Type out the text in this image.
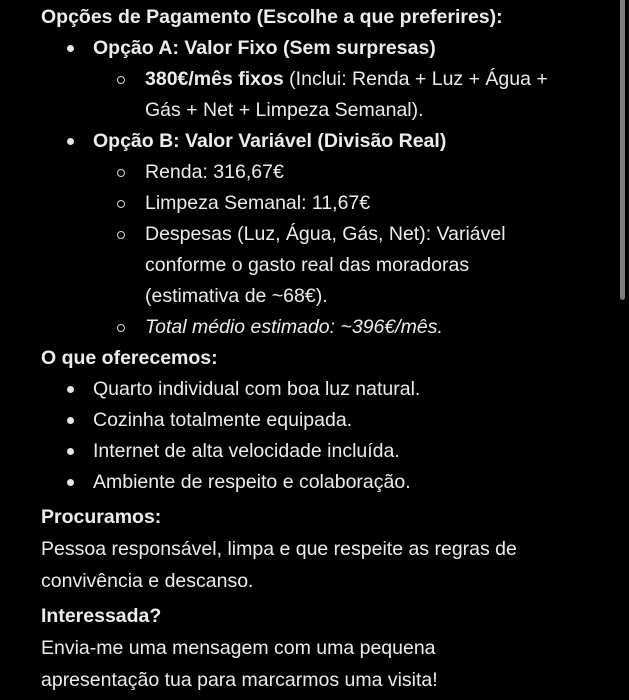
Opções de Pagamento (Escolhe a que preferires):
Opção A: Valor Fixo (Sem surpresas)
380€/mês fixos (Inclui: Renda + Luz + Água +
Gás + Net + Limpeza Semanal).
Opção B: Valor Variável (Divisão Real)
Renda: 316,67€
Limpeza Semanal: 11,67€
Despesas (Luz, Água, Gás, Net): Variável
conforme o gasto real das moradoras
(estimativa de ~68€).
Total médio estimado: ~396€/mês.
O que oferecemos:
Quarto individual com boa luz natural.
Cozinha totalmente equipada.
Internet de alta velocidade incluída.
Ambiente de respeito e colaboração.
Procuramos:
Pessoa responsável, limpa e que respeite as regras de
convivência e descanso.
Interessada?
Envia-me uma mensagem com uma pequena
apresentação tua para marcarmos uma visita!
